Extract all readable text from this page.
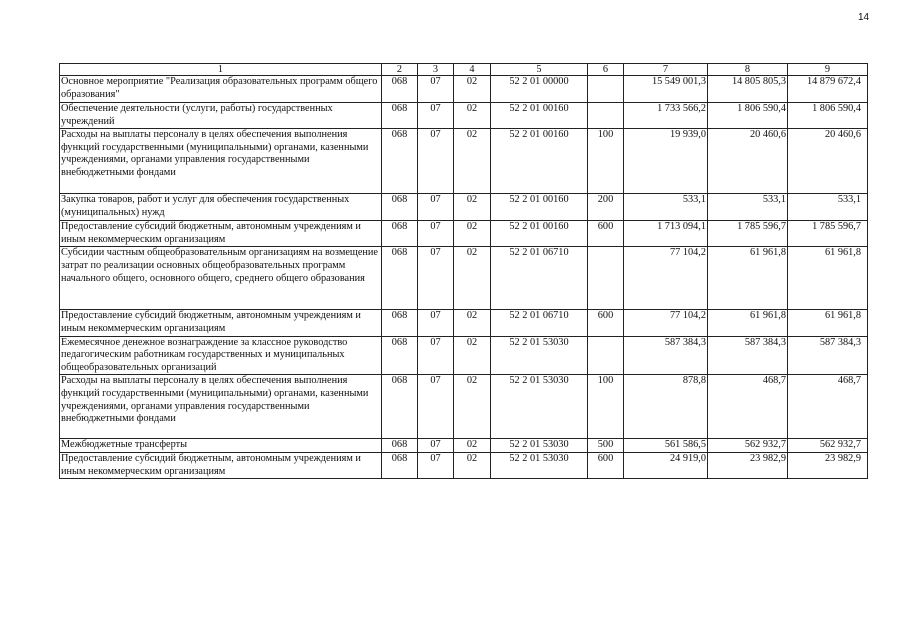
14
1	2	3	4	5	6	7	8	9
Основное мероприятие "Реализация образовательных программ общего образования"	068	07	02	52 2 01 00000		15 549 001,3	14 805 805,3	14 879 672,4
Обеспечение деятельности (услуги, работы) государственных учреждений	068	07	02	52 2 01 00160		1 733 566,2	1 806 590,4	1 806 590,4
Расходы на выплаты персоналу в целях обеспечения выполнения функций государственными (муниципальными) органами, казенными учреждениями, органами управления государственными внебюджетными фондами	068	07	02	52 2 01 00160	100	19 939,0	20 460,6	20 460,6
Закупка товаров, работ и услуг для обеспечения государственных (муниципальных) нужд	068	07	02	52 2 01 00160	200	533,1	533,1	533,1
Предоставление субсидий бюджетным, автономным учреждениям и иным некоммерческим организациям	068	07	02	52 2 01 00160	600	1 713 094,1	1 785 596,7	1 785 596,7
Субсидии частным общеобразовательным организациям на возмещение затрат по реализации основных общеобразовательных программ начального общего, основного общего, среднего общего образования	068	07	02	52 2 01 06710		77 104,2	61 961,8	61 961,8
Предоставление субсидий бюджетным, автономным учреждениям и иным некоммерческим организациям	068	07	02	52 2 01 06710	600	77 104,2	61 961,8	61 961,8
Ежемесячное денежное вознаграждение за классное руководство педагогическим работникам государственных и муниципальных общеобразовательных организаций	068	07	02	52 2 01 53030		587 384,3	587 384,3	587 384,3
Расходы на выплаты персоналу в целях обеспечения выполнения функций государственными (муниципальными) органами, казенными учреждениями, органами управления государственными внебюджетными фондами	068	07	02	52 2 01 53030	100	878,8	468,7	468,7
Межбюджетные трансферты	068	07	02	52 2 01 53030	500	561 586,5	562 932,7	562 932,7
Предоставление субсидий бюджетным, автономным учреждениям и иным некоммерческим организациям	068	07	02	52 2 01 53030	600	24 919,0	23 982,9	23 982,9
